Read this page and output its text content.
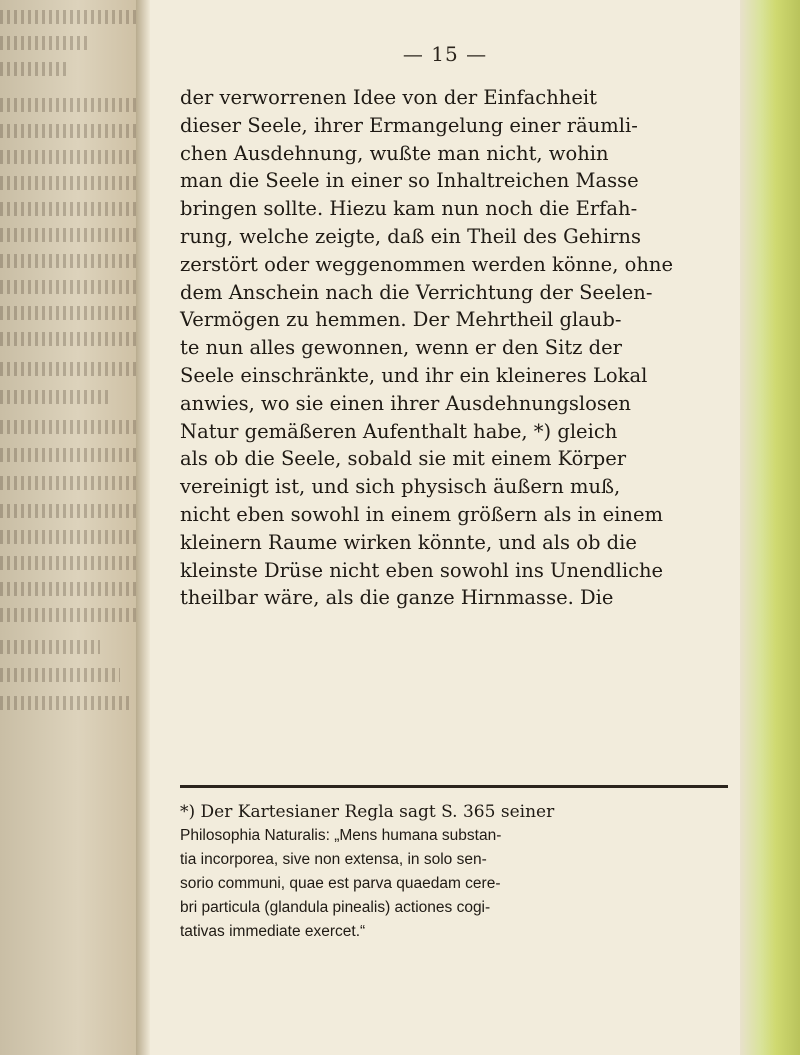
— 15 —
der verworrenen Idee von der Einfachheit
dieser Seele, ihrer Ermangelung einer räumli-
chen Ausdehnung, wußte man nicht, wohin
man die Seele in einer so Inhaltreichen Masse
bringen sollte. Hiezu kam nun noch die Erfah-
rung, welche zeigte, daß ein Theil des Gehirns
zerstört oder weggenommen werden könne, ohne
dem Anschein nach die Verrichtung der Seelen-
Vermögen zu hemmen. Der Mehrtheil glaub-
te nun alles gewonnen, wenn er den Sitz der
Seele einschränkte, und ihr ein kleineres Lokal
anwies, wo sie einen ihrer Ausdehnungslosen
Natur gemäßeren Aufenthalt habe, *) gleich
als ob die Seele, sobald sie mit einem Körper
vereinigt ist, und sich physisch äußern muß,
nicht eben sowohl in einem größern als in einem
kleinern Raume wirken könnte, und als ob die
kleinste Drüse nicht eben sowohl ins Unendliche
theilbar wäre, als die ganze Hirnmasse. Die
*) Der Kartesianer Regla sagt S. 365 seiner
Philosophia Naturalis: „Mens humana substan-
tia incorporea, sive non extensa, in solo sen-
sorio communi, quae est parva quaedam cere-
bri particula (glandula pinealis) actiones cogi-
tativas immediate exercet.“
